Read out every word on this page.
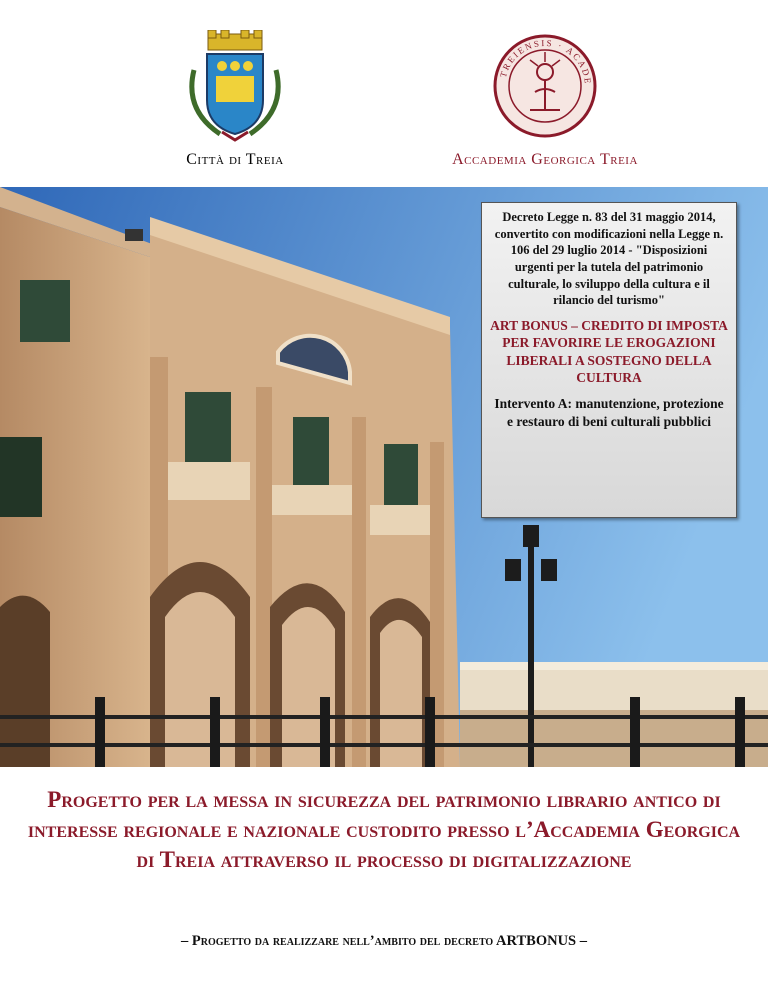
Città di Treia
TREIENSIS · ACADE
Accademia Georgica Treia
Decreto Legge n. 83 del 31 maggio 2014, convertito con modificazioni nella Legge n. 106 del 29 luglio 2014 - "Disposizioni urgenti per la tutela del patrimonio culturale, lo sviluppo della cultura e il rilancio del turismo"
ART BONUS – CREDITO DI IMPOSTA PER FAVORIRE LE EROGAZIONI LIBERALI A SOSTEGNO DELLA CULTURA
Intervento A: manutenzione, protezione e restauro di beni culturali pubblici
Progetto per la messa in sicurezza del patrimonio librario antico di interesse regionale e nazionale custodito presso l’Accademia Georgica di Treia attraverso il processo di digitalizzazione
– Progetto da realizzare nell’ambito del decreto ARTBONUS –
